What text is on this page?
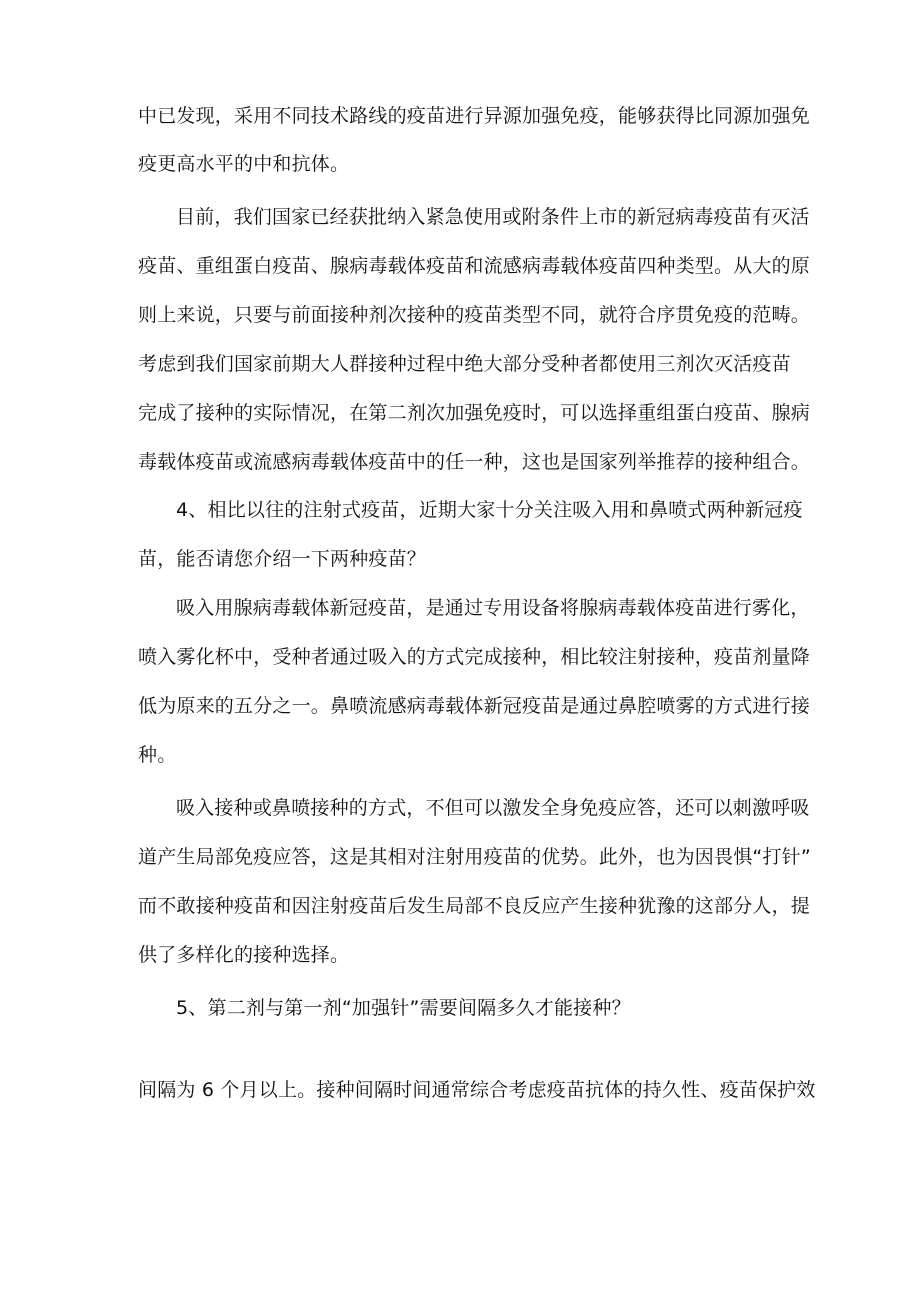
中已发现，采用不同技术路线的疫苗进行异源加强免疫，能够获得比同源加强免
疫更高水平的中和抗体。
目前，我们国家已经获批纳入紧急使用或附条件上市的新冠病毒疫苗有灭活
疫苗、重组蛋白疫苗、腺病毒载体疫苗和流感病毒载体疫苗四种类型。从大的原
则上来说，只要与前面接种剂次接种的疫苗类型不同，就符合序贯免疫的范畴。
考虑到我们国家前期大人群接种过程中绝大部分受种者都使用三剂次灭活疫苗
完成了接种的实际情况，在第二剂次加强免疫时，可以选择重组蛋白疫苗、腺病
毒载体疫苗或流感病毒载体疫苗中的任一种，这也是国家列举推荐的接种组合。
4、相比以往的注射式疫苗，近期大家十分关注吸入用和鼻喷式两种新冠疫
苗，能否请您介绍一下两种疫苗？
吸入用腺病毒载体新冠疫苗，是通过专用设备将腺病毒载体疫苗进行雾化，
喷入雾化杯中，受种者通过吸入的方式完成接种，相比较注射接种，疫苗剂量降
低为原来的五分之一。鼻喷流感病毒载体新冠疫苗是通过鼻腔喷雾的方式进行接
种。
吸入接种或鼻喷接种的方式，不但可以激发全身免疫应答，还可以刺激呼吸
道产生局部免疫应答，这是其相对注射用疫苗的优势。此外，也为因畏惧“打针”
而不敢接种疫苗和因注射疫苗后发生局部不良反应产生接种犹豫的这部分人，提
供了多样化的接种选择。
5、第二剂与第一剂“加强针”需要间隔多久才能接种？
间隔为 6 个月以上。接种间隔时间通常综合考虑疫苗抗体的持久性、疫苗保护效
